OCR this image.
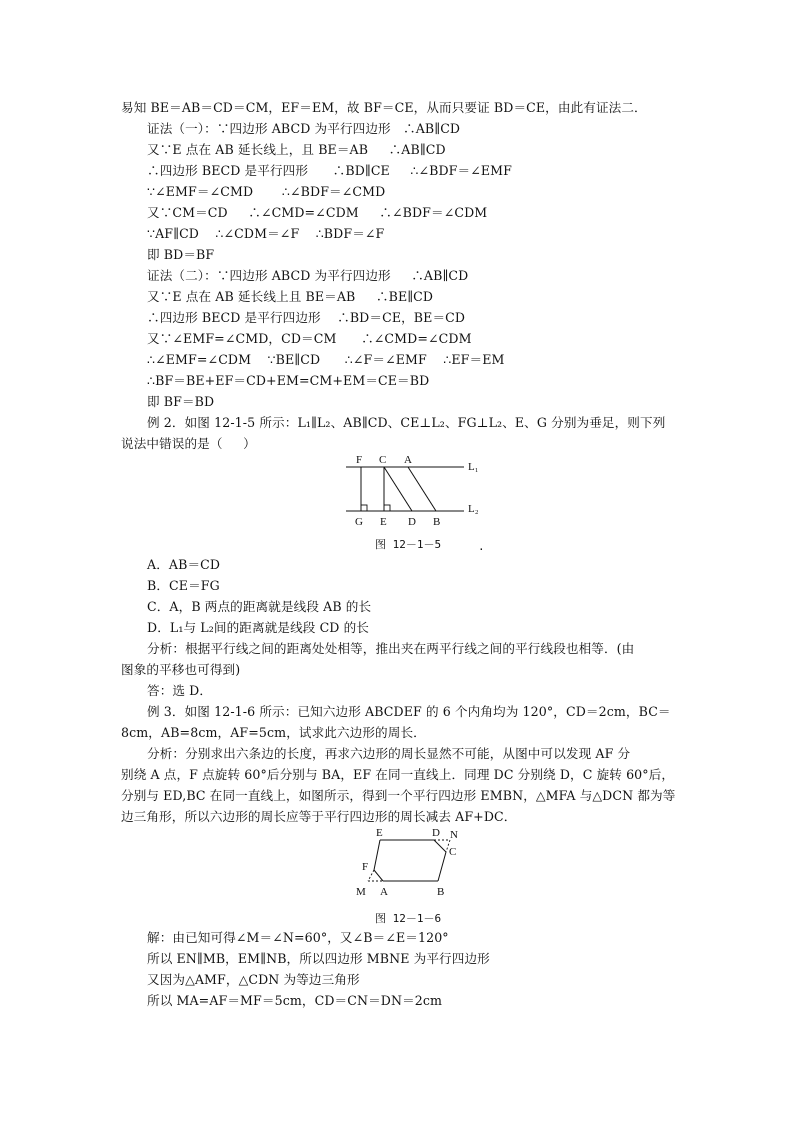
易知 BE＝AB＝CD＝CM，EF＝EM，故 BF＝CE，从而只要证 BD＝CE，由此有证法二．
证法（一）：∵四边形 ABCD 为平行四边形   ∴AB∥CD
又∵E 点在 AB 延长线上，且 BE＝AB     ∴AB∥CD
∴四边形 BECD 是平行四形      ∴BD∥CE     ∴∠BDF＝∠EMF
∵∠EMF＝∠CMD       ∴∠BDF＝∠CMD
又∵CM＝CD     ∴∠CMD=∠CDM     ∴∠BDF＝∠CDM
∵AF∥CD    ∴∠CDM＝∠F    ∴BDF＝∠F
即 BD＝BF
证法（二）：∵四边形 ABCD 为平行四边形     ∴AB∥CD
又∵E 点在 AB 延长线上且 BE＝AB     ∴BE∥CD
∴四边形 BECD 是平行四边形    ∴BD＝CE，BE＝CD
又∵∠EMF=∠CMD，CD＝CM      ∴∠CMD=∠CDM
∴∠EMF=∠CDM    ∵BE∥CD      ∴∠F＝∠EMF    ∴EF＝EM
∴BF＝BE+EF＝CD+EM=CM+EM＝CE＝BD
即 BF＝BD
例 2．如图 12-1-5 所示：L₁∥L₂、AB∥CD、CE⊥L₂、FG⊥L₂、E、G 分别为垂足，则下列
说法中错误的是（     ）
F C A
L₁
L₂
G E D B
图 12－1－5	.
A．AB＝CD
B．CE＝FG
C．A，B 两点的距离就是线段 AB 的长
D．L₁与 L₂间的距离就是线段 CD 的长
分析：根据平行线之间的距离处处相等，推出夹在两平行线之间的平行线段也相等．(由
图象的平移也可得到)
答：选 D．
例 3．如图 12-1-6 所示：已知六边形 ABCDEF 的 6 个内角均为 120°，CD＝2cm，BC＝
8cm，AB=8cm，AF=5cm，试求此六边形的周长．
分析：分别求出六条边的长度，再求六边形的周长显然不可能，从图中可以发现 AF 分
别绕 A 点，F 点旋转 60°后分别与 BA，EF 在同一直线上．同理 DC 分别绕 D，C 旋转 60°后，
分别与 ED,BC 在同一直线上，如图所示，得到一个平行四边形 EMBN，△MFA 与△DCN 都为等
边三角形，所以六边形的周长应等于平行四边形的周长减去 AF+DC．
E	D N
C
F
M A	B
图 12－1－6
解：由已知可得∠M＝∠N=60°，又∠B＝∠E＝120°
所以 EN∥MB，EM∥NB，所以四边形 MBNE 为平行四边形
又因为△AMF，△CDN 为等边三角形
所以 MA=AF＝MF＝5cm，CD＝CN＝DN＝2cm
